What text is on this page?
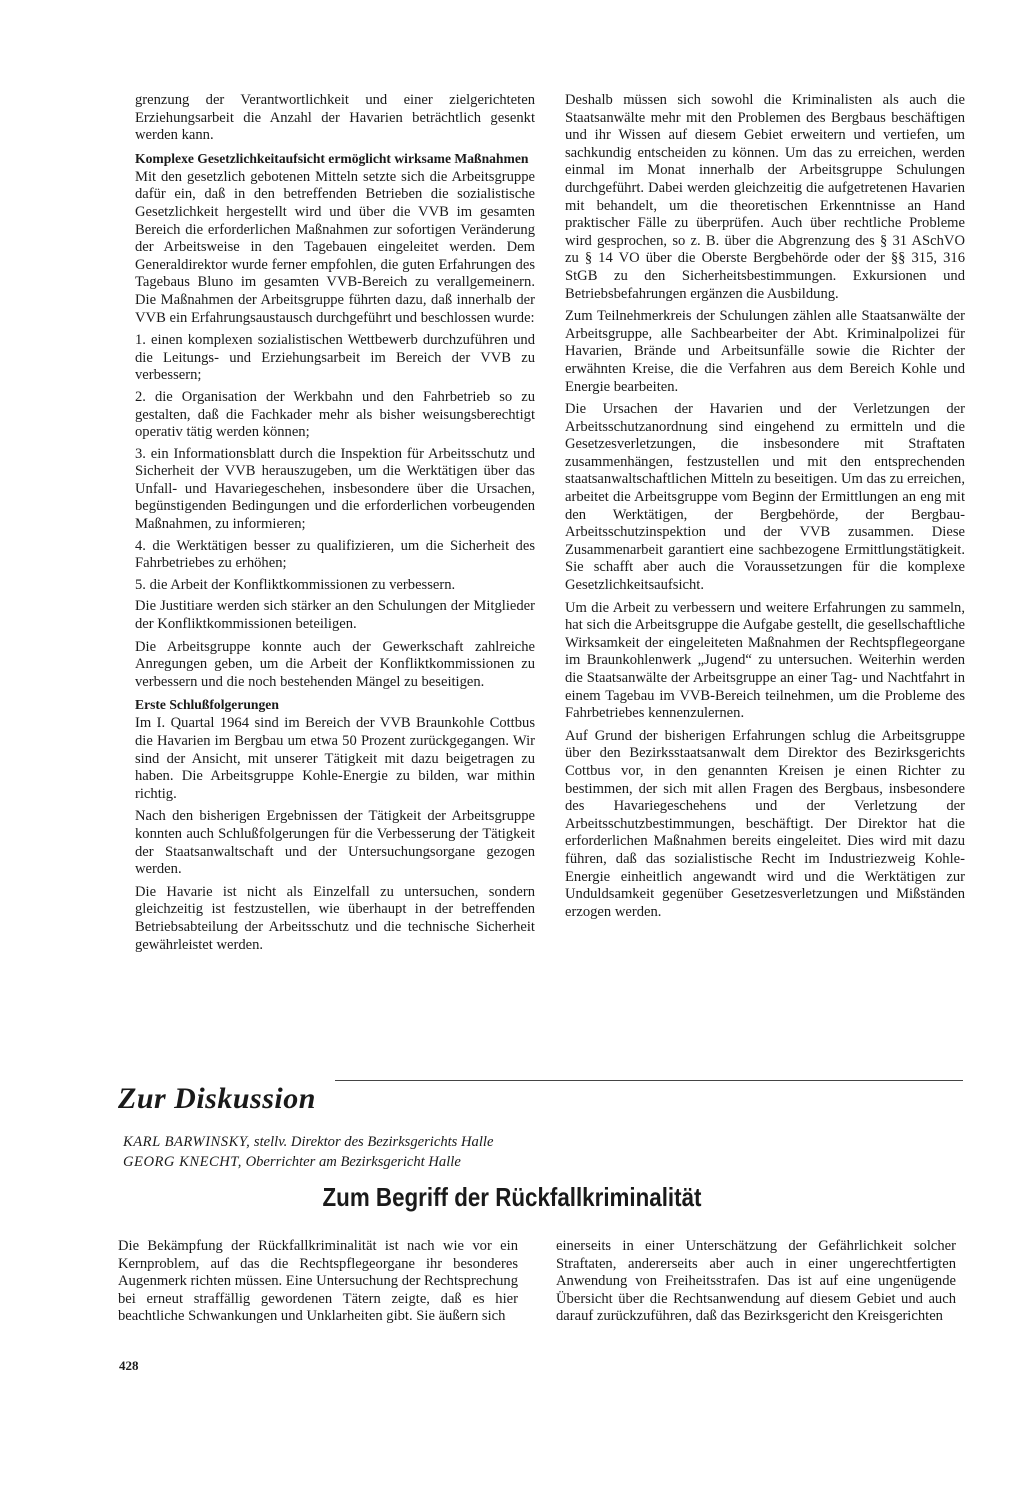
grenzung der Verantwortlichkeit und einer zielgerichteten Erziehungsarbeit die Anzahl der Havarien beträchtlich gesenkt werden kann.

Komplexe Gesetzlichkeitaufsicht ermöglicht wirksame Maßnahmen

Mit den gesetzlich gebotenen Mitteln setzte sich die Arbeitsgruppe dafür ein, daß in den betreffenden Betrieben die sozialistische Gesetzlichkeit hergestellt wird und über die VVB im gesamten Bereich die erforderlichen Maßnahmen zur sofortigen Veränderung der Arbeitsweise in den Tagebauen eingeleitet werden. Dem Generaldirektor wurde ferner empfohlen, die guten Erfahrungen des Tagebaus Bluno im gesamten VVB-Bereich zu verallgemeinern. Die Maßnahmen der Arbeitsgruppe führten dazu, daß innerhalb der VVB ein Erfahrungsaustausch durchgeführt und beschlossen wurde:

1. einen komplexen sozialistischen Wettbewerb durchzuführen und die Leitungs- und Erziehungsarbeit im Bereich der VVB zu verbessern;

2. die Organisation der Werkbahn und den Fahrbetrieb so zu gestalten, daß die Fachkader mehr als bisher weisungsberechtigt operativ tätig werden können;

3. ein Informationsblatt durch die Inspektion für Arbeitsschutz und Sicherheit der VVB herauszugeben, um die Werktätigen über das Unfall- und Havariegeschehen, insbesondere über die Ursachen, begünstigenden Bedingungen und die erforderlichen vorbeugenden Maßnahmen, zu informieren;

4. die Werktätigen besser zu qualifizieren, um die Sicherheit des Fahrbetriebes zu erhöhen;

5. die Arbeit der Konfliktkommissionen zu verbessern.

Die Justitiare werden sich stärker an den Schulungen der Mitglieder der Konfliktkommissionen beteiligen.

Die Arbeitsgruppe konnte auch der Gewerkschaft zahlreiche Anregungen geben, um die Arbeit der Konfliktkommissionen zu verbessern und die noch bestehenden Mängel zu beseitigen.

Erste Schlußfolgerungen

Im I. Quartal 1964 sind im Bereich der VVB Braunkohle Cottbus die Havarien im Bergbau um etwa 50 Prozent zurückgegangen. Wir sind der Ansicht, mit unserer Tätigkeit mit dazu beigetragen zu haben. Die Arbeitsgruppe Kohle-Energie zu bilden, war mithin richtig.

Nach den bisherigen Ergebnissen der Tätigkeit der Arbeitsgruppe konnten auch Schlußfolgerungen für die Verbesserung der Tätigkeit der Staatsanwaltschaft und der Untersuchungsorgane gezogen werden.

Die Havarie ist nicht als Einzelfall zu untersuchen, sondern gleichzeitig ist festzustellen, wie überhaupt in der betreffenden Betriebsabteilung der Arbeitsschutz und die technische Sicherheit gewährleistet werden.

Deshalb müssen sich sowohl die Kriminalisten als auch die Staatsanwälte mehr mit den Problemen des Bergbaus beschäftigen und ihr Wissen auf diesem Gebiet erweitern und vertiefen, um sachkundig entscheiden zu können. Um das zu erreichen, werden einmal im Monat innerhalb der Arbeitsgruppe Schulungen durchgeführt. Dabei werden gleichzeitig die aufgetretenen Havarien mit behandelt, um die theoretischen Erkenntnisse an Hand praktischer Fälle zu überprüfen. Auch über rechtliche Probleme wird gesprochen, so z. B. über die Abgrenzung des § 31 ASchVO zu § 14 VO über die Oberste Bergbehörde oder der §§ 315, 316 StGB zu den Sicherheitsbestimmungen. Exkursionen und Betriebsbefahrungen ergänzen die Ausbildung.

Zum Teilnehmerkreis der Schulungen zählen alle Staatsanwälte der Arbeitsgruppe, alle Sachbearbeiter der Abt. Kriminalpolizei für Havarien, Brände und Arbeitsunfälle sowie die Richter der erwähnten Kreise, die die Verfahren aus dem Bereich Kohle und Energie bearbeiten.

Die Ursachen der Havarien und der Verletzungen der Arbeitsschutzanordnung sind eingehend zu ermitteln und die Gesetzesverletzungen, die insbesondere mit Straftaten zusammenhängen, festzustellen und mit den entsprechenden staatsanwaltschaftlichen Mitteln zu beseitigen. Um das zu erreichen, arbeitet die Arbeitsgruppe vom Beginn der Ermittlungen an eng mit den Werktätigen, der Bergbehörde, der Bergbau-Arbeitsschutzinspektion und der VVB zusammen. Diese Zusammenarbeit garantiert eine sachbezogene Ermittlungstätigkeit. Sie schafft aber auch die Voraussetzungen für die komplexe Gesetzlichkeitsaufsicht.

Um die Arbeit zu verbessern und weitere Erfahrungen zu sammeln, hat sich die Arbeitsgruppe die Aufgabe gestellt, die gesellschaftliche Wirksamkeit der eingeleiteten Maßnahmen der Rechtspflegeorgane im Braunkohlenwerk „Jugend“ zu untersuchen. Weiterhin werden die Staatsanwälte der Arbeitsgruppe an einer Tag- und Nachtfahrt in einem Tagebau im VVB-Bereich teilnehmen, um die Probleme des Fahrbetriebes kennenzulernen.

Auf Grund der bisherigen Erfahrungen schlug die Arbeitsgruppe über den Bezirksstaatsanwalt dem Direktor des Bezirksgerichts Cottbus vor, in den genannten Kreisen je einen Richter zu bestimmen, der sich mit allen Fragen des Bergbaus, insbesondere des Havariegeschehens und der Verletzung der Arbeitsschutzbestimmungen, beschäftigt. Der Direktor hat die erforderlichen Maßnahmen bereits eingeleitet. Dies wird mit dazu führen, daß das sozialistische Recht im Industriezweig Kohle-Energie einheitlich angewandt wird und die Werktätigen zur Unduldsamkeit gegenüber Gesetzesverletzungen und Mißständen erzogen werden.

Zur Diskussion
KARL BARWINSKY, stellv. Direktor des Bezirksgerichts Halle
GEORG KNECHT, Oberrichter am Bezirksgericht Halle
Zum Begriff der Rückfallkriminalität

Die Bekämpfung der Rückfallkriminalität ist nach wie vor ein Kernproblem, auf das die Rechtspflegeorgane ihr besonderes Augenmerk richten müssen. Eine Untersuchung der Rechtsprechung bei erneut straffällig gewordenen Tätern zeigte, daß es hier beachtliche Schwankungen und Unklarheiten gibt. Sie äußern sich

einerseits in einer Unterschätzung der Gefährlichkeit solcher Straftaten, andererseits aber auch in einer ungerechtfertigten Anwendung von Freiheitsstrafen. Das ist auf eine ungenügende Übersicht über die Rechtsanwendung auf diesem Gebiet und auch darauf zurückzuführen, daß das Bezirksgericht den Kreisgerichten

428
